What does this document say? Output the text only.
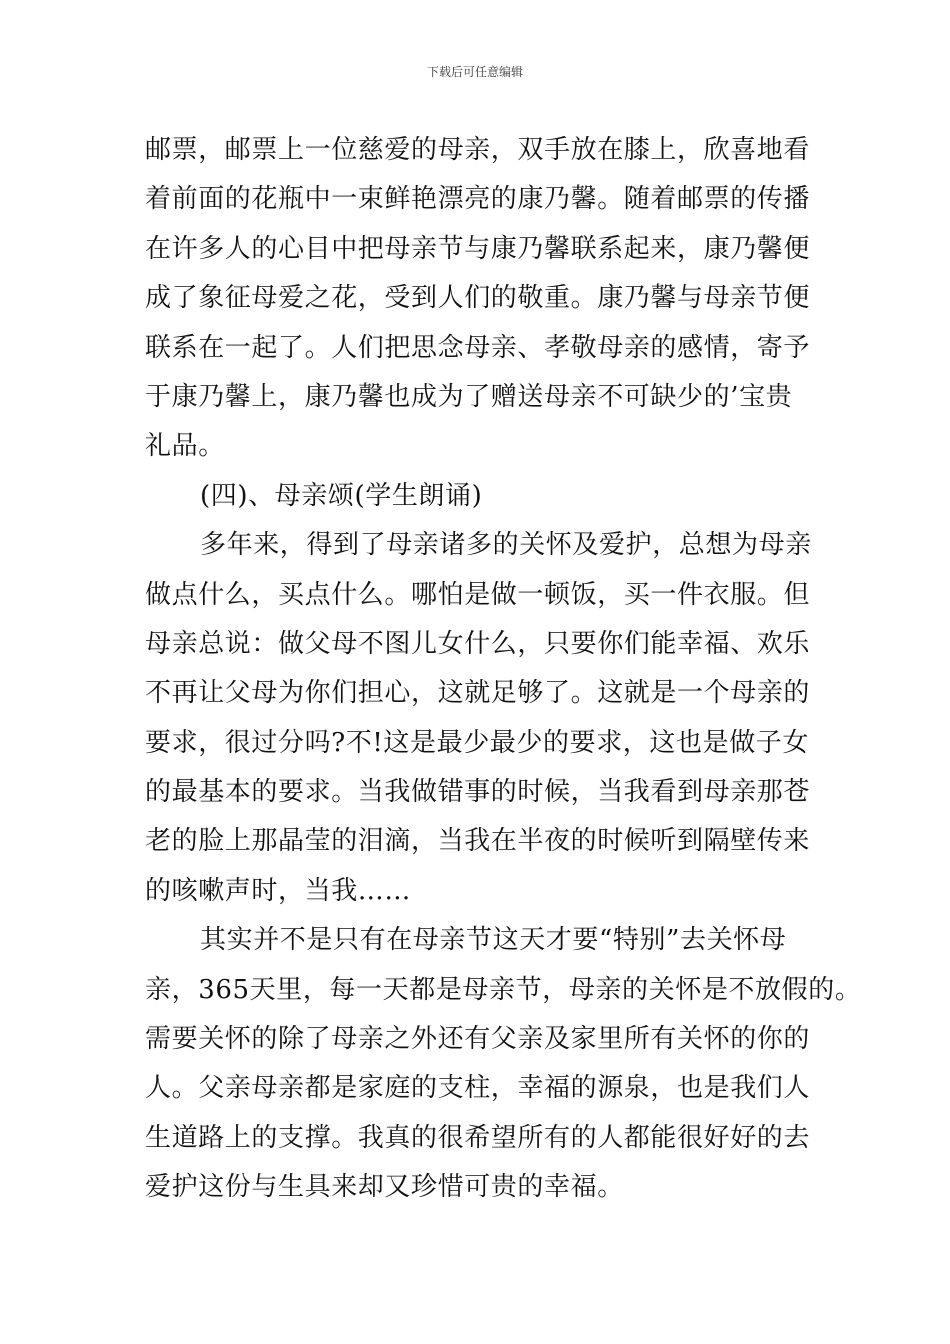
下载后可任意编辑
邮票，邮票上一位慈爱的母亲，双手放在膝上，欣喜地看
着前面的花瓶中一束鲜艳漂亮的康乃馨。随着邮票的传播
在许多人的心目中把母亲节与康乃馨联系起来，康乃馨便
成了象征母爱之花，受到人们的敬重。康乃馨与母亲节便
联系在一起了。人们把思念母亲、孝敬母亲的感情，寄予
于康乃馨上，康乃馨也成为了赠送母亲不可缺少的’宝贵
礼品。
(四)、母亲颂(学生朗诵)
多年来，得到了母亲诸多的关怀及爱护，总想为母亲
做点什么，买点什么。哪怕是做一顿饭，买一件衣服。但
母亲总说：做父母不图儿女什么，只要你们能幸福、欢乐
不再让父母为你们担心，这就足够了。这就是一个母亲的
要求，很过分吗?不!这是最少最少的要求，这也是做子女
的最基本的要求。当我做错事的时候，当我看到母亲那苍
老的脸上那晶莹的泪滴，当我在半夜的时候听到隔壁传来
的咳嗽声时，当我……
其实并不是只有在母亲节这天才要“特别”去关怀母
亲，365天里，每一天都是母亲节，母亲的关怀是不放假的。
需要关怀的除了母亲之外还有父亲及家里所有关怀的你的
人。父亲母亲都是家庭的支柱，幸福的源泉，也是我们人
生道路上的支撑。我真的很希望所有的人都能很好好的去
爱护这份与生具来却又珍惜可贵的幸福。
